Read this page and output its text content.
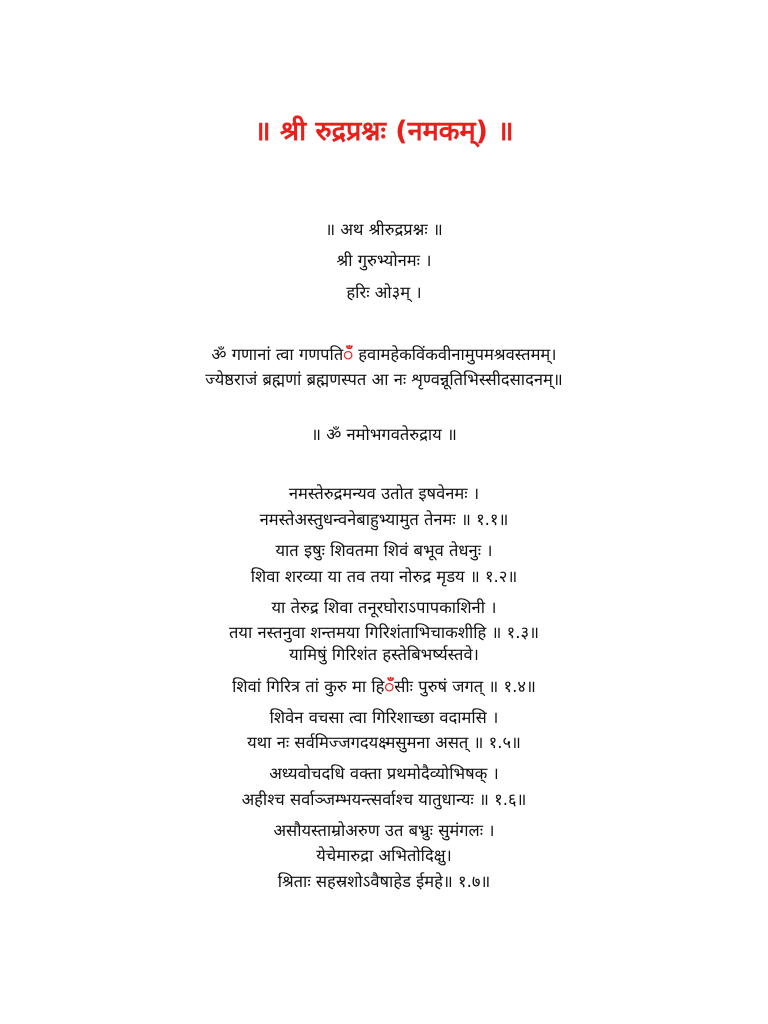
॥ श्री रुद्रप्रश्नः (नमकम्) ॥
॥ अथ श्रीरुद्रप्रश्नः ॥
श्री गुरुभ्योनमः ।
हरिः ओ३म् ।
ॐ गणानां त्वा गणपतिँ हवामहेकविंकवीनामुपमश्रवस्तमम्।
ज्येष्ठराजं ब्रह्मणां ब्रह्मणस्पत आ नः शृण्वन्नूतिभिस्सीदसादनम्॥
॥ ॐ नमोभगवतेरुद्राय ॥
नमस्तेरुद्रमन्यव उतोत इषवेनमः ।
नमस्तेअस्तुधन्वनेबाहुभ्यामुत तेनमः ॥ १.१॥
यात इषुः शिवतमा शिवं बभूव तेधनुः ।
शिवा शरव्या या तव तया नोरुद्र मृडय ॥ १.२॥
या तेरुद्र शिवा तनूरघोराऽपापकाशिनी ।
तया नस्तनुवा शन्तमया गिरिशंताभिचाकशीहि ॥ १.३॥
यामिषुं गिरिशंत हस्तेबिभर्ष्यस्तवे।
शिवां गिरित्र तां कुरु मा हिँसीः पुरुषं जगत् ॥ १.४॥
शिवेन वचसा त्वा गिरिशाच्छा वदामसि ।
यथा नः सर्वमिज्जगदयक्ष्मसुमना असत् ॥ १.५॥
अध्यवोचदधि वक्ता प्रथमोदैव्योभिषक् ।
अहीश्च सर्वाञ्जम्भयन्त्सर्वाश्च यातुधान्यः ॥ १.६॥
असौयस्ताम्रोअरुण उत बभ्रुः सुमंगलः ।
येचेमारुद्रा अभितोदिक्षु।
श्रिताः सहस्रशोऽवैषाहेड ईमहे॥ १.७॥
